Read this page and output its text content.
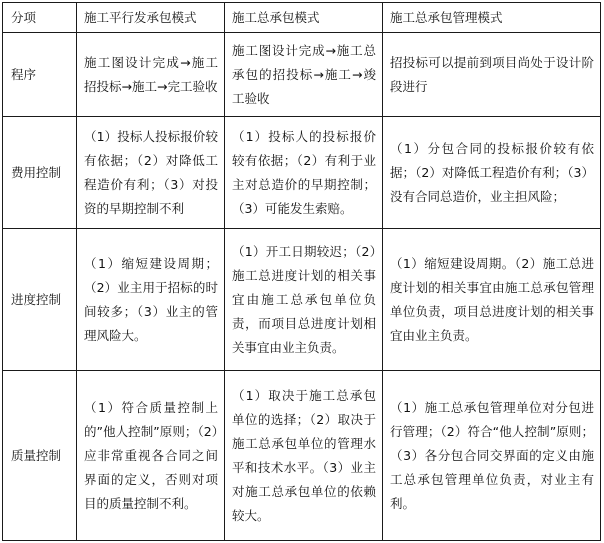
分项	施工平行发承包模式	施工总承包模式	施工总承包管理模式
程序	施工图设计完成→施工招投标→施工→完工验收	施工图设计完成→施工总承包的招投标→施工→竣工验收	招投标可以提前到项目尚处于设计阶段进行
费用控制	（1）投标人投标报价较有依据；（2）对降低工程造价有利；（3）对投资的早期控制不利	（1）投标人的投标报价较有依据；（2）有利于业主对总造价的早期控制；（3）可能发生索赔。	（1）分包合同的投标报价较有依据；（2）对降低工程造价有利；（3）没有合同总造价，业主担风险；
进度控制	（1）缩短建设周期；（2）业主用于招标的时间较多；（3）业主的管理风险大。	（1）开工日期较迟；（2）施工总进度计划的相关事宜由施工总承包单位负责，而项目总进度计划相关事宜由业主负责。	（1）缩短建设周期。（2）施工总进度计划的相关事宜由施工总承包管理单位负责，项目总进度计划的相关事宜由业主负责。
质量控制	（1）符合质量控制上的”他人控制”原则；（2）应非常重视各合同之间界面的定义，否则对项目的质量控制不利。	（1）取决于施工总承包单位的选择；（2）取决于施工总承包单位的管理水平和技术水平。（3）业主对施工总承包单位的依赖较大。	（1）施工总承包管理单位对分包进行管理；（2）符合“他人控制”原则；（3）各分包合同交界面的定义由施工总承包管理单位负责，对业主有利。
